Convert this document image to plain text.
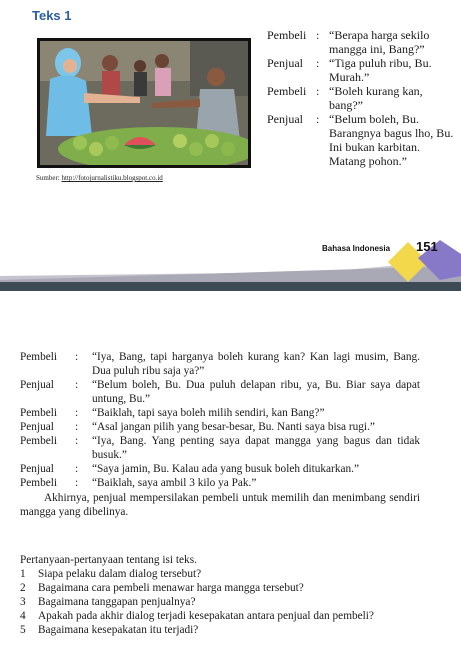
Teks 1
Sumber: http://fotojurnalistiku.blogspot.co.id
Pembeli : “Berapa harga sekilo mangga ini, Bang?”
Penjual	: “Tiga puluh ribu, Bu. Murah.”
Pembeli : “Boleh kurang kan, bang?”
Penjual	: “Belum boleh, Bu. Barangnya bagus lho, Bu. Ini bukan karbitan. Matang pohon.”
Bahasa Indonesia 151
Pembeli	:	“Iya, Bang, tapi harganya boleh kurang kan? Kan lagi musim, Bang. Dua puluh ribu saja ya?”
Penjual	:	“Belum boleh, Bu. Dua puluh delapan ribu, ya, Bu. Biar saya dapat untung, Bu.”
Pembeli	:	“Baiklah, tapi saya boleh milih sendiri, kan Bang?”
Penjual	:	“Asal jangan pilih yang besar-besar, Bu. Nanti saya bisa rugi.”
Pembeli	:	“Iya, Bang. Yang penting saya dapat mangga yang bagus dan tidak busuk.”
Penjual	:	“Saya jamin, Bu. Kalau ada yang busuk boleh ditukarkan.”
Pembeli	:	“Baiklah, saya ambil 3 kilo ya Pak.”
Akhirnya, penjual mempersilakan pembeli untuk memilih dan menimbang sendiri mangga yang dibelinya.
Pertanyaan-pertanyaan tentang isi teks.
1	Siapa pelaku dalam dialog tersebut?
2	Bagaimana cara pembeli menawar harga mangga tersebut?
3	Bagaimana tanggapan penjualnya?
4	Apakah pada akhir dialog terjadi kesepakatan antara penjual dan pembeli?
5	Bagaimana kesepakatan itu terjadi?
